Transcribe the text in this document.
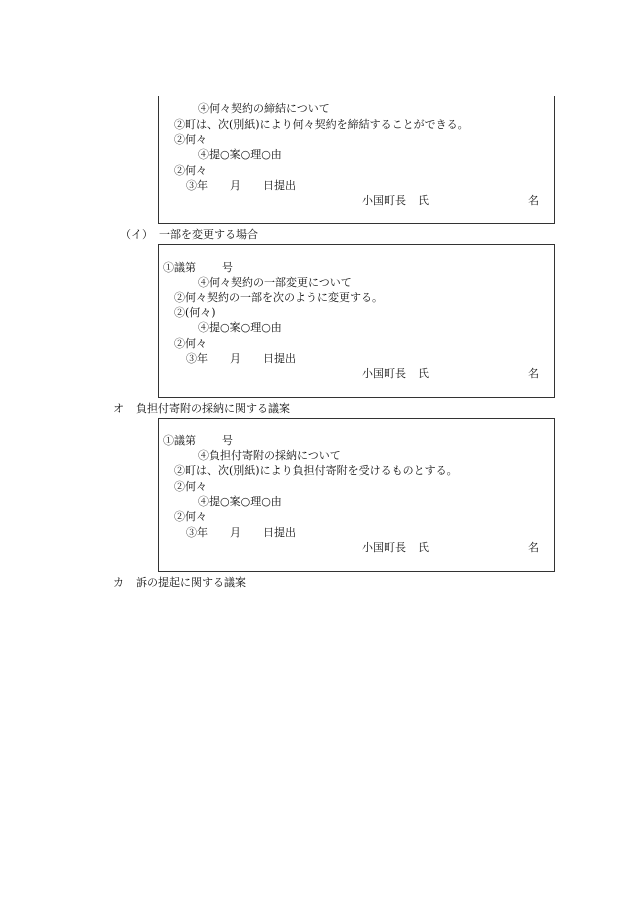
④何々契約の締結について
②町は、次(別紙)により何々契約を締結することができる。
②何々
④提○案○理○由
②何々
③年 月 日提出
小国町長 氏	名
（イ） 一部を変更する場合
①議第 号
④何々契約の一部変更について
②何々契約の一部を次のように変更する。
②(何々)
④提○案○理○由
②何々
③年 月 日提出
小国町長 氏	名
オ 負担付寄附の採納に関する議案
①議第 号
④負担付寄附の採納について
②町は、次(別紙)により負担付寄附を受けるものとする。
②何々
④提○案○理○由
②何々
③年 月 日提出
小国町長 氏	名
カ 訴の提起に関する議案
